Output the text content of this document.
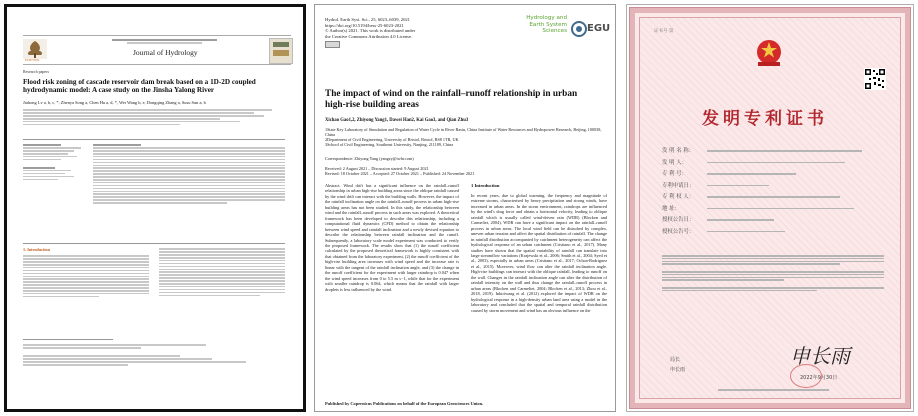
ELSEVIER
Journal of Hydrology
Research papers
Flood risk zoning of cascade reservoir dam break based on a 1D-2D coupled hydrodynamic model: A case study on the Jinsha Yalong River
Jiahong Lv a, b, c, *, Zhenya Song a, Chen Hu a, d, *, Wei Wang b, e, Dongqing Zhang a, Susu Sun a, b
1. Introduction
Hydrol. Earth Syst. Sci., 25, 6023–6039, 2021
https://doi.org/10.5194/hess-25-6023-2021
© Author(s) 2021. This work is distributed under
the Creative Commons Attribution 4.0 License.
Hydrology and
Earth System
Sciences EGU
The impact of wind on the rainfall–runoff relationship in urban high-rise building areas
Xichao Gao1,2, Zhiyong Yang1, Dawei Han2, Kai Gao3, and Qian Zhu3
1State Key Laboratory of Simulation and Regulation of Water Cycle in River Basin, China Institute of Water Resources and Hydropower Research, Beijing, 100038, China
2Department of Civil Engineering, University of Bristol, Bristol, BS8 1TR, UK
3School of Civil Engineering, Southeast University, Nanjing, 211189, China
Correspondence: Zhiyong Yang (yangzy@iwhr.com)
Received: 2 August 2021 – Discussion started: 9 August 2021
Revised: 18 October 2021 – Accepted: 27 October 2021 – Published: 24 November 2021
Abstract. Wind drift has a significant influence on the rainfall–runoff relationship in urban high-rise building areas since the oblique rainfall caused by the wind drift can interact with the building walls. However, the impact of the rainfall inclination angle on the rainfall–runoff process in urban high-rise building areas has not been studied. In this study, the relationship between wind and the rainfall–runoff process in such areas was explored. A theoretical framework has been developed to describe this relationship, including a computational fluid dynamics (CFD) method to obtain the relationship between wind speed and rainfall inclination and a newly devised equation to describe the relationship between rainfall inclination and the runoff. Subsequently, a laboratory scale model experiment was conducted to verify the proposed framework. The results show that (1) the runoff coefficient calculated by the proposed theoretical framework is highly consistent with that obtained from the laboratory experiment, (2) the runoff coefficient of the high-rise building area increases with wind speed and the increase rate is linear with the tangent of the rainfall inclination angle, and (3) the change in the runoff coefficient for the experiment with larger raindrop is 0.047 when the wind speed increases from 0 to 5.5 m s−1, while that for the experiment with smaller raindrop is 0.064, which means that the rainfall with larger droplets is less influenced by the wind.
1 Introduction
In recent years, due to global warming, the frequency and magnitude of extreme storms, characterised by heavy precipitation and strong winds, have increased in urban areas. In the storm environment, raindrops are influenced by the wind's drag force and obtain a horizontal velocity, leading to oblique rainfall which is usually called wind-driven rain (WDR) (Blocken and Carmeliet, 2004). WDR can have a significant impact on the rainfall–runoff process in urban areas. The local wind field can be disturbed by complex, uneven urban terrains and affect the spatial distribution of rainfall. The change in rainfall distribution accompanied by catchment heterogeneity can affect the hydrological response of an urban catchment (Cristiano et al., 2017). Many studies have shown that the spatial variability of rainfall can translate into large streamflow variations (Krajewski et al., 2006; Smith et al., 2004; Syed et al., 2003), especially in urban areas (Cristiano et al., 2017; Ochoa-Rodriguez et al., 2015). Moreover, wind flow can alter the rainfall inclination angle. High-rise buildings can interact with the oblique rainfall, leading to runoff on the wall. Changes in the rainfall inclination angle can alter the distribution of rainfall intensity on the wall and thus change the rainfall–runoff process in urban areas (Blocken and Carmeliet, 2004; Blocken et al., 2013; Zhou et al., 2018, 2019). Inkiriwang et al. (2012) explored the impact of WDR on the hydrological response in a high-density urban land area using a model in the laboratory and concluded that the spatial and temporal rainfall distribution caused by storm movement and wind has an obvious influence on the
Published by Copernicus Publications on behalf of the European Geosciences Union.
证书号 第
发明专利证书
发 明 名 称：
发 明 人：
专 利 号：
专利申请日：
专 利 权 人：
地 址：
授权公告日：
授权公告号：
局长
申长雨
申长雨
2022年9月30日
